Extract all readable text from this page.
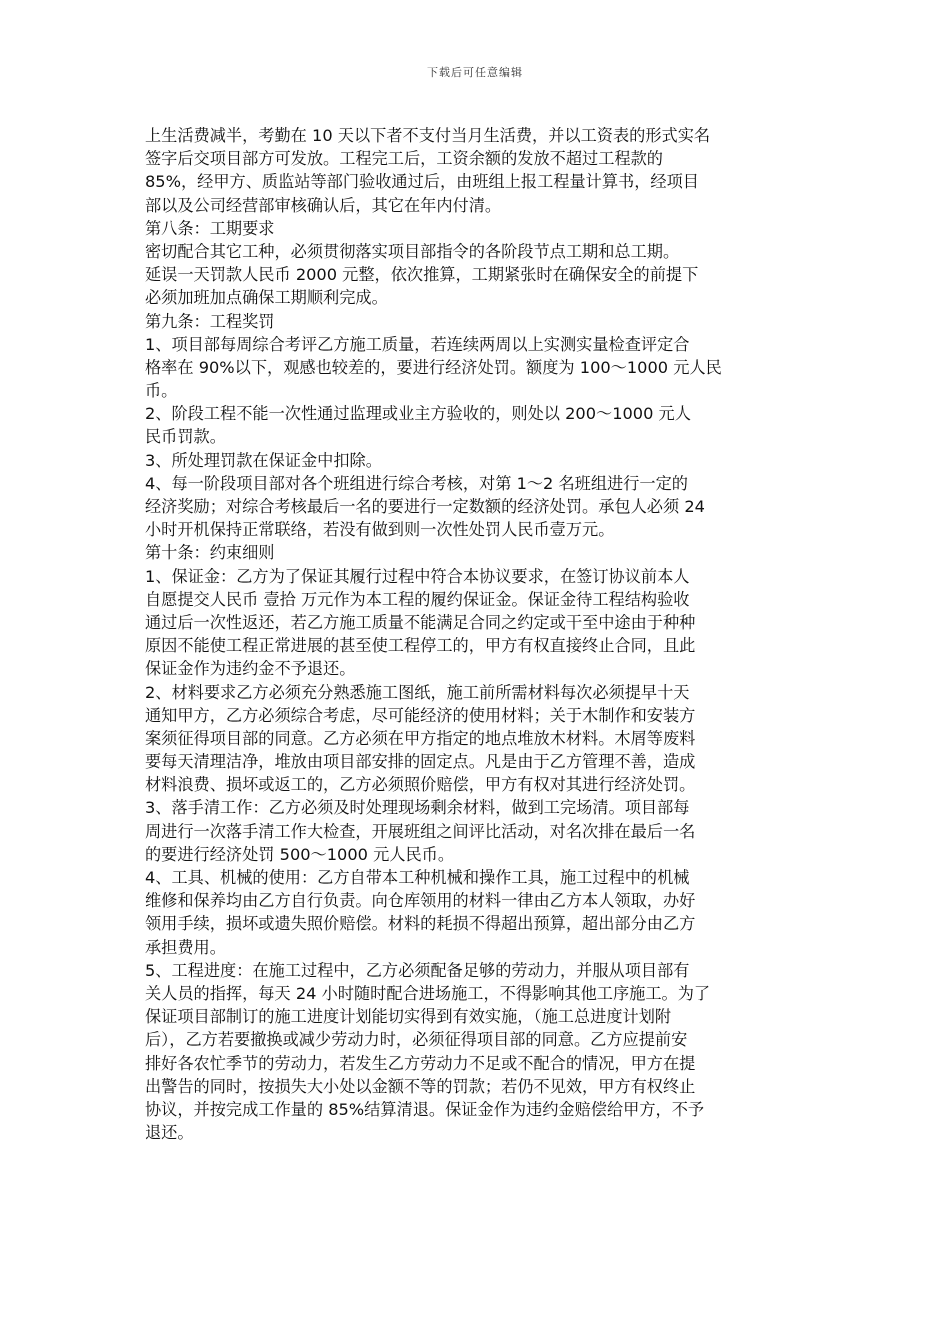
下载后可任意编辑
上生活费减半，考勤在 10 天以下者不支付当月生活费，并以工资表的形式实名
签字后交项目部方可发放。工程完工后，工资余额的发放不超过工程款的
85%，经甲方、质监站等部门验收通过后，由班组上报工程量计算书，经项目
部以及公司经营部审核确认后，其它在年内付清。
第八条：工期要求
密切配合其它工种，必须贯彻落实项目部指令的各阶段节点工期和总工期。
延误一天罚款人民币 2000 元整，依次推算，工期紧张时在确保安全的前提下
必须加班加点确保工期顺利完成。
第九条：工程奖罚
1、项目部每周综合考评乙方施工质量，若连续两周以上实测实量检查评定合
格率在 90%以下，观感也较差的，要进行经济处罚。额度为 100～1000 元人民
币。
2、阶段工程不能一次性通过监理或业主方验收的，则处以 200～1000 元人
民币罚款。
3、所处理罚款在保证金中扣除。
4、每一阶段项目部对各个班组进行综合考核，对第 1～2 名班组进行一定的
经济奖励；对综合考核最后一名的要进行一定数额的经济处罚。承包人必须 24
小时开机保持正常联络，若没有做到则一次性处罚人民币壹万元。
第十条：约束细则
1、保证金：乙方为了保证其履行过程中符合本协议要求，在签订协议前本人
自愿提交人民币 壹拾 万元作为本工程的履约保证金。保证金待工程结构验收
通过后一次性返还，若乙方施工质量不能满足合同之约定或干至中途由于种种
原因不能使工程正常进展的甚至使工程停工的，甲方有权直接终止合同，且此
保证金作为违约金不予退还。
2、材料要求乙方必须充分熟悉施工图纸，施工前所需材料每次必须提早十天
通知甲方，乙方必须综合考虑，尽可能经济的使用材料；关于木制作和安装方
案须征得项目部的同意。乙方必须在甲方指定的地点堆放木材料。木屑等废料
要每天清理洁净，堆放由项目部安排的固定点。凡是由于乙方管理不善，造成
材料浪费、损坏或返工的，乙方必须照价赔偿，甲方有权对其进行经济处罚。
3、落手清工作：乙方必须及时处理现场剩余材料，做到工完场清。项目部每
周进行一次落手清工作大检查，开展班组之间评比活动，对名次排在最后一名
的要进行经济处罚 500～1000 元人民币。
4、工具、机械的使用：乙方自带本工种机械和操作工具，施工过程中的机械
维修和保养均由乙方自行负责。向仓库领用的材料一律由乙方本人领取，办好
领用手续，损坏或遗失照价赔偿。材料的耗损不得超出预算，超出部分由乙方
承担费用。
5、工程进度：在施工过程中，乙方必须配备足够的劳动力，并服从项目部有
关人员的指挥，每天 24 小时随时配合进场施工，不得影响其他工序施工。为了
保证项目部制订的施工进度计划能切实得到有效实施，（施工总进度计划附
后），乙方若要撤换或减少劳动力时，必须征得项目部的同意。乙方应提前安
排好各农忙季节的劳动力，若发生乙方劳动力不足或不配合的情况，甲方在提
出警告的同时，按损失大小处以金额不等的罚款；若仍不见效，甲方有权终止
协议，并按完成工作量的 85%结算清退。保证金作为违约金赔偿给甲方，不予
退还。
